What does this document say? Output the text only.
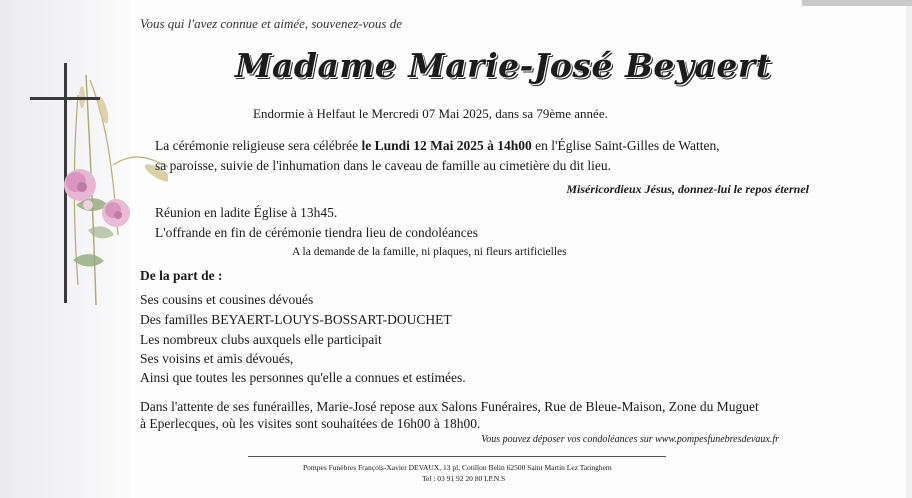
Vous qui l'avez connue et aimée, souvenez-vous de
Madame Marie-José Beyaert
Endormie à Helfaut le Mercredi 07 Mai 2025, dans sa 79ème année.
La cérémonie religieuse sera célébrée le Lundi 12 Mai 2025 à 14h00 en l'Église Saint-Gilles de Watten,
sa paroisse, suivie de l'inhumation dans le caveau de famille au cimetière du dit lieu.
Miséricordieux Jésus, donnez-lui le repos éternel
Réunion en ladite Église à 13h45.
L'offrande en fin de cérémonie tiendra lieu de condoléances
A la demande de la famille, ni plaques, ni fleurs artificielles
De la part de :
Ses cousins et cousines dévoués
Des familles BEYAERT-LOUYS-BOSSART-DOUCHET
Les nombreux clubs auxquels elle participait
Ses voisins et amis dévoués,
Ainsi que toutes les personnes qu'elle a connues et estimées.
Dans l'attente de ses funérailles, Marie-José repose aux Salons Funéraires, Rue de Bleue-Maison, Zone du Muguet
à Eperlecques, où les visites sont souhaitées de 16h00 à 18h00.
Vous pouvez déposer vos condoléances sur www.pompesfunebresdevaux.fr
Pompes Funèbres François-Xavier DEVAUX, 13 pl. Cotillon Belin 62500 Saint Martin Lez Tatinghem
Tel : 03 91 92 20 80 I.P.N.S
